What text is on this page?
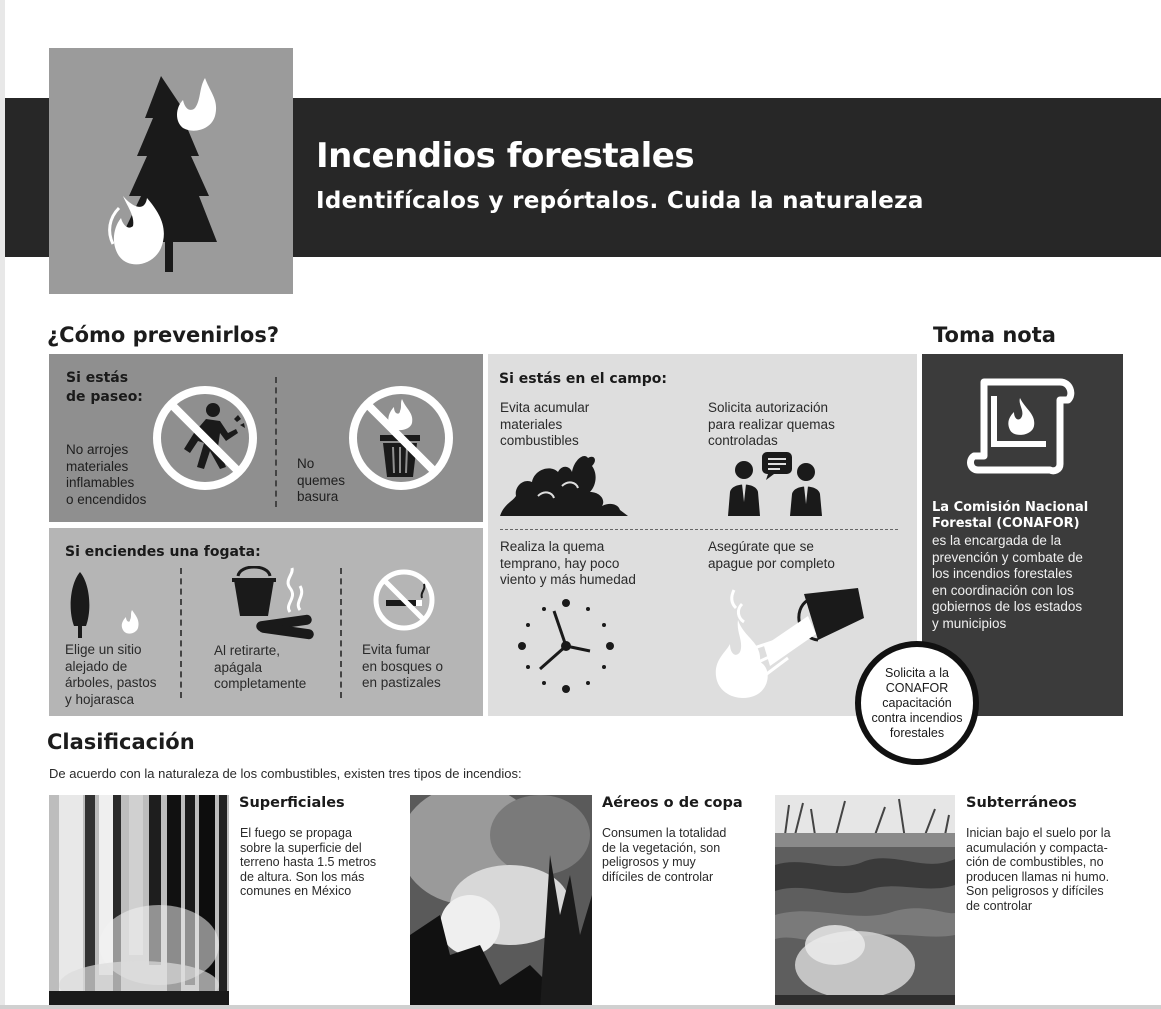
Incendios forestales
Identifícalos y repórtalos. Cuida la naturaleza
¿Cómo prevenirlos?	Toma nota
Si estás
de paseo:
No arrojes
materiales
inflamables
o encendidos
No
quemes
basura
Si enciendes una fogata:
Elige un sitio
alejado de
árboles, pastos
y hojarasca
Al retirarte,
apágala
completamente
Evita fumar
en bosques o
en pastizales
Si estás en el campo:
Evita acumular
materiales
combustibles
Solicita autorización
para realizar quemas
controladas
Realiza la quema
temprano, hay poco
viento y más humedad
Asegúrate que se
apague por completo
La Comisión Nacional
Forestal (CONAFOR)
es la encargada de la
prevención y combate de
los incendios forestales
en coordinación con los
gobiernos de los estados
y municipios
Solicita a la
CONAFOR
capacitación
contra incendios
forestales
Clasificación
De acuerdo con la naturaleza de los combustibles, existen tres tipos de incendios:
Superficiales
El fuego se propaga
sobre la superficie del
terreno hasta 1.5 metros
de altura. Son los más
comunes en México
Aéreos o de copa
Consumen la totalidad
de la vegetación, son
peligrosos y muy
difíciles de controlar
Subterráneos
Inician bajo el suelo por la
acumulación y compacta-
ción de combustibles, no
producen llamas ni humo.
Son peligrosos y difíciles
de controlar
